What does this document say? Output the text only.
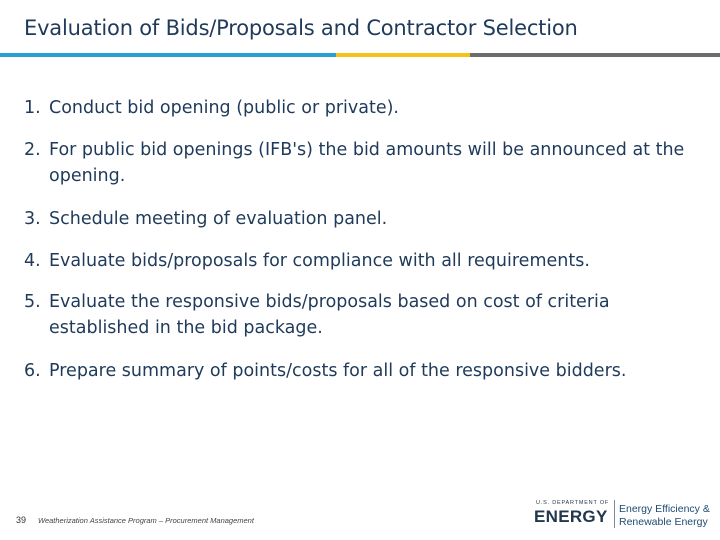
Evaluation of Bids/Proposals and Contractor Selection
1. Conduct bid opening (public or private).
2. For public bid openings (IFB's) the bid amounts will be announced at the opening.
3. Schedule meeting of evaluation panel.
4. Evaluate bids/proposals for compliance with all requirements.
5. Evaluate the responsive bids/proposals based on cost of criteria established in the bid package.
6. Prepare summary of points/costs for all of the responsive bidders.
39 Weatherization Assistance Program – Procurement Management
U.S. DEPARTMENT OF
ENERGY Energy Efficiency &
Renewable Energy
